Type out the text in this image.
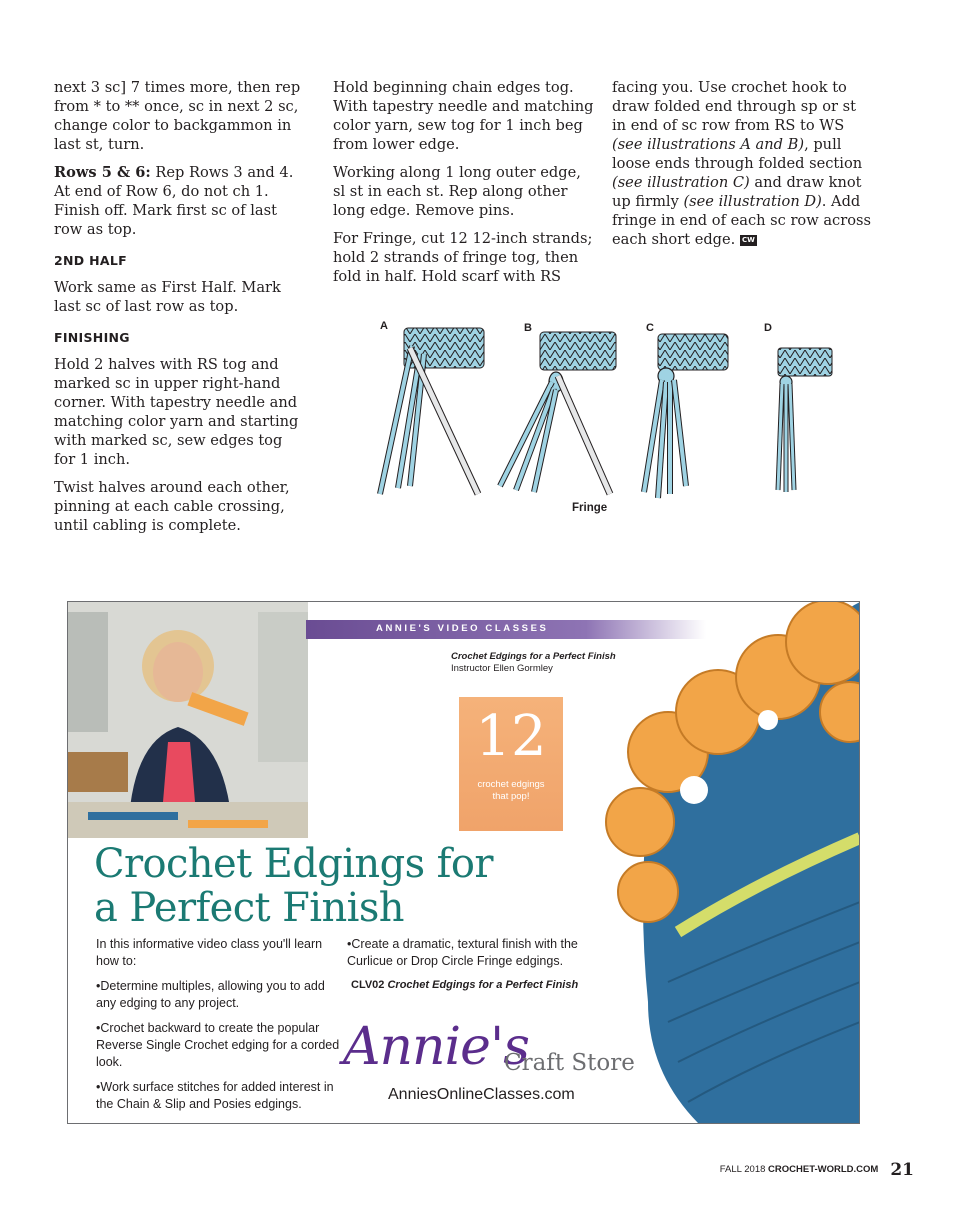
next 3 sc] 7 times more, then rep from * to ** once, sc in next 2 sc, change color to backgammon in last st, turn.

Rows 5 & 6: Rep Rows 3 and 4. At end of Row 6, do not ch 1. Finish off. Mark first sc of last row as top.

2ND HALF

Work same as First Half. Mark last sc of last row as top.

FINISHING

Hold 2 halves with RS tog and marked sc in upper right-hand corner. With tapestry needle and matching color yarn and starting with marked sc, sew edges tog for 1 inch.

Twist halves around each other, pinning at each cable crossing, until cabling is complete.

Hold beginning chain edges tog. With tapestry needle and matching color yarn, sew tog for 1 inch beg from lower edge.

Working along 1 long outer edge, sl st in each st. Rep along other long edge. Remove pins.

For Fringe, cut 12 12-inch strands; hold 2 strands of fringe tog, then fold in half. Hold scarf with RS

facing you. Use crochet hook to draw folded end through sp or st in end of sc row from RS to WS (see illustrations A and B), pull loose ends through folded section (see illustration C) and draw knot up firmly (see illustration D). Add fringe in end of each sc row across each short edge. CW

A	B	C	D
Fringe
ANNIE'S VIDEO CLASSES
Crochet Edgings for a Perfect Finish
Instructor Ellen Gormley
12
crochet edgings
that pop!
Crochet Edgings for
a Perfect Finish
In this informative video class you'll learn how to:
•Determine multiples, allowing you to add any edging to any project.
•Crochet backward to create the popular Reverse Single Crochet edging for a corded look.
•Work surface stitches for added interest in the Chain & Slip and Posies edgings.
•Create a dramatic, textural finish with the Curlicue or Drop Circle Fringe edgings.
CLV02 Crochet Edgings for a Perfect Finish
Annie's
Craft Store
AnniesOnlineClasses.com
FALL 2018 CROCHET-WORLD.COM 21
